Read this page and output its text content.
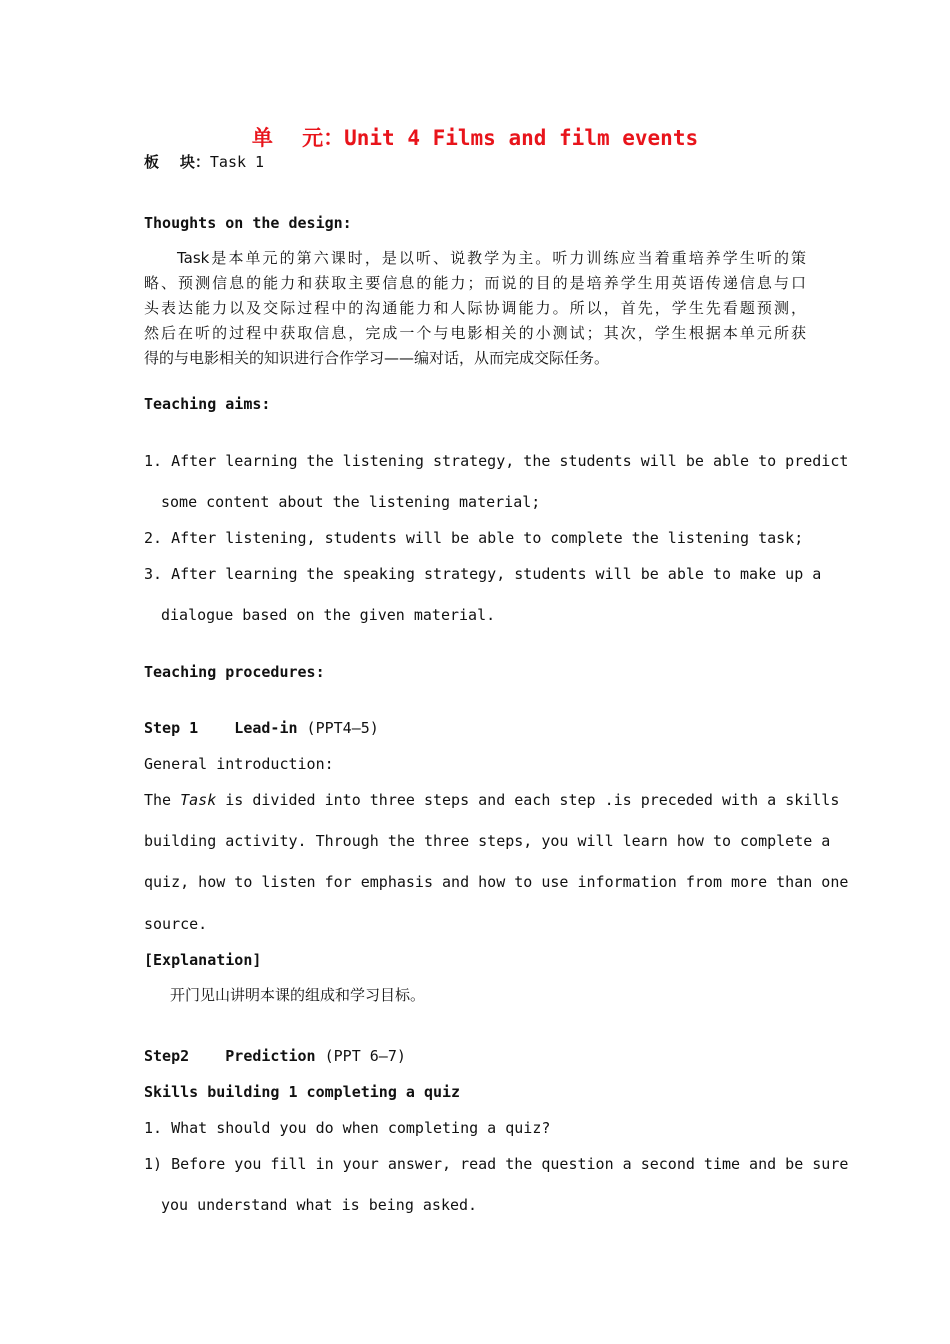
单    元：Unit 4 Films and film events
板    块：Task 1
Thoughts on the design:
Task是本单元的第六课时，是以听、说教学为主。听力训练应当着重培养学生听的策
略、预测信息的能力和获取主要信息的能力；而说的目的是培养学生用英语传递信息与口
头表达能力以及交际过程中的沟通能力和人际协调能力。所以，首先，学生先看题预测，
然后在听的过程中获取信息，完成一个与电影相关的小测试；其次，学生根据本单元所获
得的与电影相关的知识进行合作学习——编对话，从而完成交际任务。
Teaching aims:
1. After learning the listening strategy, the students will be able to predict
some content about the listening material;
2. After listening, students will be able to complete the listening task;
3. After learning the speaking strategy, students will be able to make up a
dialogue based on the given material.
Teaching procedures:
Step 1    Lead-in (PPT4—5)
General introduction:
The Task is divided into three steps and each step .is preceded with a skills
building activity. Through the three steps, you will learn how to complete a
quiz, how to listen for emphasis and how to use information from more than one
source.
[Explanation]
开门见山讲明本课的组成和学习目标。
Step2    Prediction (PPT 6—7)
Skills building 1 completing a quiz
1. What should you do when completing a quiz?
1) Before you fill in your answer, read the question a second time and be sure
you understand what is being asked.
